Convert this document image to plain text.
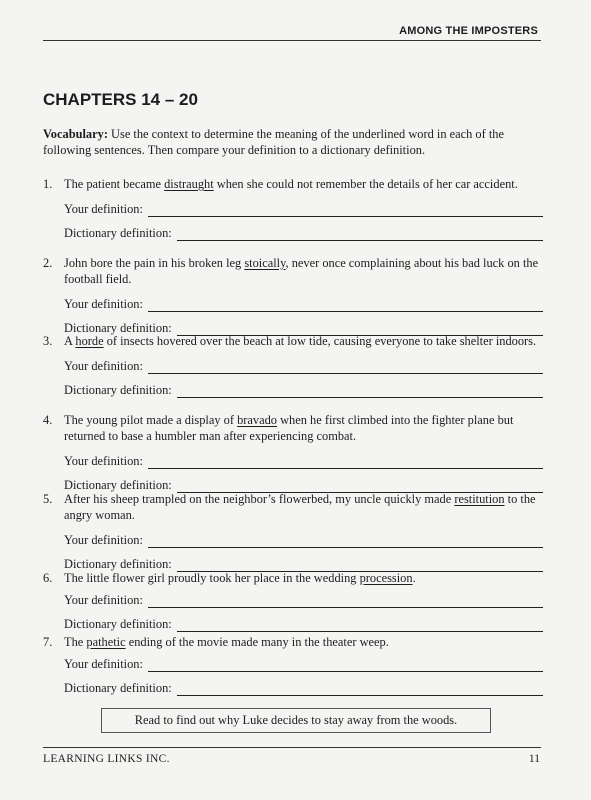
AMONG THE IMPOSTERS
CHAPTERS 14 – 20
Vocabulary: Use the context to determine the meaning of the underlined word in each of the following sentences. Then compare your definition to a dictionary definition.
1. The patient became distraught when she could not remember the details of her car accident.
Your definition:
Dictionary definition:
2. John bore the pain in his broken leg stoically, never once complaining about his bad luck on the football field.
Your definition:
Dictionary definition:
3. A horde of insects hovered over the beach at low tide, causing everyone to take shelter indoors.
Your definition:
Dictionary definition:
4. The young pilot made a display of bravado when he first climbed into the fighter plane but returned to base a humbler man after experiencing combat.
Your definition:
Dictionary definition:
5. After his sheep trampled on the neighbor’s flowerbed, my uncle quickly made restitution to the angry woman.
Your definition:
Dictionary definition:
6. The little flower girl proudly took her place in the wedding procession.
Your definition:
Dictionary definition:
7. The pathetic ending of the movie made many in the theater weep.
Your definition:
Dictionary definition:
Read to find out why Luke decides to stay away from the woods.
LEARNING LINKS INC.	11
